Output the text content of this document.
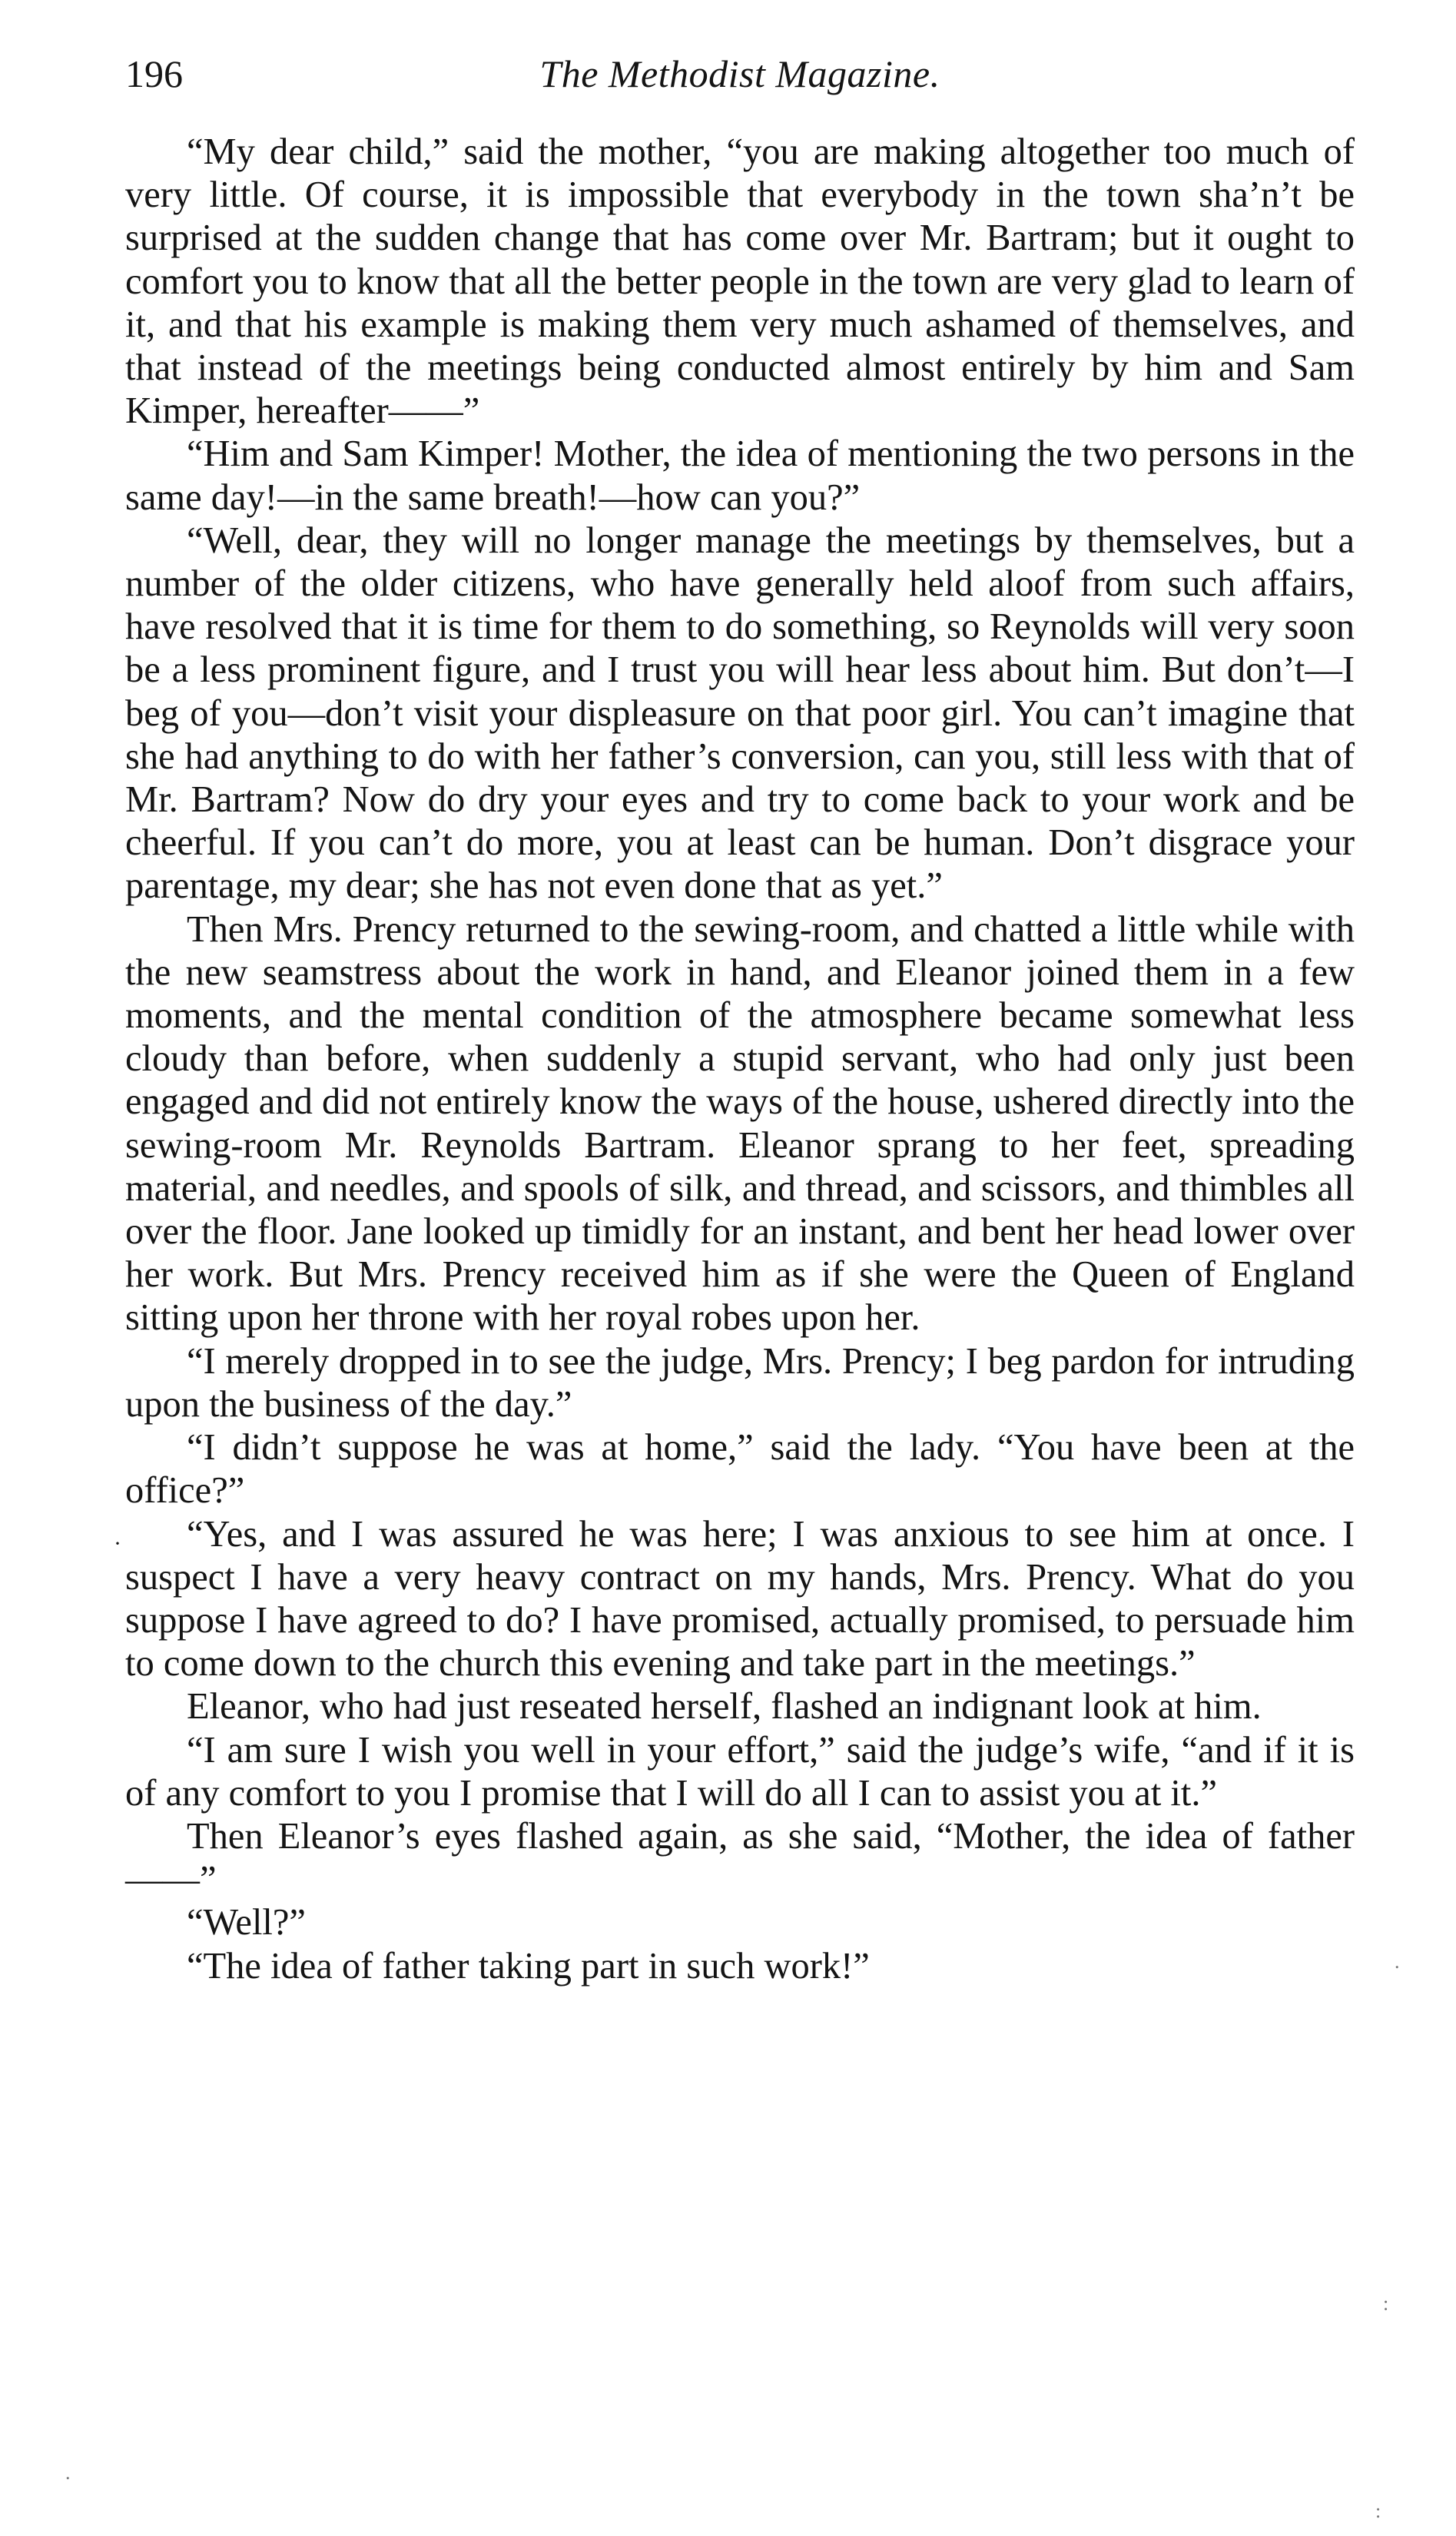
196	The Methodist Magazine.

“My dear child,” said the mother, “you are making altogether too much of very little. Of course, it is impossible that everybody in the town sha’n’t be surprised at the sudden change that has come over Mr. Bartram; but it ought to comfort you to know that all the better people in the town are very glad to learn of it, and that his example is making them very much ashamed of themselves, and that instead of the meetings being conducted almost entirely by him and Sam Kimper, hereafter——”

“Him and Sam Kimper! Mother, the idea of mentioning the two persons in the same day!—in the same breath!—how can you?”

“Well, dear, they will no longer manage the meetings by themselves, but a number of the older citizens, who have generally held aloof from such affairs, have resolved that it is time for them to do something, so Reynolds will very soon be a less prominent figure, and I trust you will hear less about him. But don’t—I beg of you—don’t visit your displeasure on that poor girl. You can’t imagine that she had anything to do with her father’s conversion, can you, still less with that of Mr. Bartram? Now do dry your eyes and try to come back to your work and be cheerful. If you can’t do more, you at least can be human. Don’t disgrace your parentage, my dear; she has not even done that as yet.”

Then Mrs. Prency returned to the sewing-room, and chatted a little while with the new seamstress about the work in hand, and Eleanor joined them in a few moments, and the mental condition of the atmosphere became somewhat less cloudy than before, when suddenly a stupid servant, who had only just been engaged and did not entirely know the ways of the house, ushered directly into the sewing-room Mr. Reynolds Bartram. Eleanor sprang to her feet, spreading material, and needles, and spools of silk, and thread, and scissors, and thimbles all over the floor. Jane looked up timidly for an instant, and bent her head lower over her work. But Mrs. Prency received him as if she were the Queen of England sitting upon her throne with her royal robes upon her.

“I merely dropped in to see the judge, Mrs. Prency; I beg pardon for intruding upon the business of the day.”

“I didn’t suppose he was at home,” said the lady. “You have been at the office?”

“Yes, and I was assured he was here; I was anxious to see him at once. I suspect I have a very heavy contract on my hands, Mrs. Prency. What do you suppose I have agreed to do? I have promised, actually promised, to persuade him to come down to the church this evening and take part in the meetings.”

Eleanor, who had just reseated herself, flashed an indignant look at him.

“I am sure I wish you well in your effort,” said the judge’s wife, “and if it is of any comfort to you I promise that I will do all I can to assist you at it.”

Then Eleanor’s eyes flashed again, as she said, “Mother, the idea of father——”

“Well?”

“The idea of father taking part in such work!”

·
:
.
.
:
